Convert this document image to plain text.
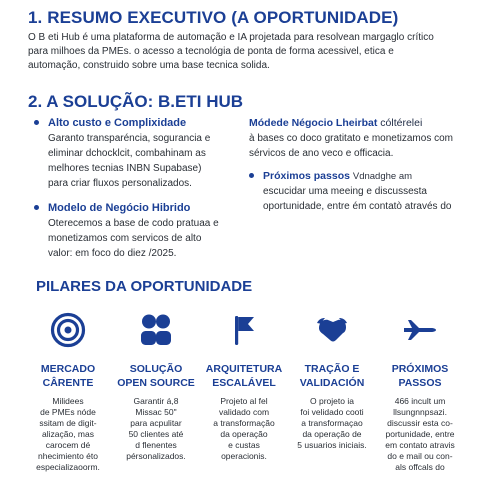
1. RESUMO EXECUTIVO (A OPORTUNIDADE)
O B eti Hub é uma plataforma de automação e IA projetada para resolvean margaglo crítico para milhoes da PMEs. o acesso a tecnológia de ponta de forma acessivel, etica e automação, construido sobre uma base tecnica solida.
2. A SOLUÇÃO: B.ETI HUB
Alto custo e Complixidade
Garanto transparéncia, sogurancia e eliminar dchocklcit, combahinam as melhores tecnias INBN Supabase) para criar fluxos personalizados.
Modelo de Negócio Hibrido
Oterecemos a base de codo pratuaa e monetizamos com servicos de alto valor: em foco do diez /2025.
Módede Négocio Lheirbat cóltérelei
à bases co doco gratitato e monetizamos com sérvicos de ano veco e officacia.
Próximos passos Vdnadghe am
escucidar uma meeing e discussesta oportunidade, entre ém contatò através do
PILARES DA OPORTUNIDADE
MERCADO
CÂRENTE
Milidees
de PMEs nóde
ssitam de digit-
alização, mas
carocem dé
nhecimiento éto
especializaoorm.
SOLUÇÃO
OPEN SOURCE
Garantir á,8
Missac 50"
para acpulitar
50 clientes até
d flenentes
pérsonalizados.
ARQUITETURA
ESCALÁVEL
Projeto al fel
validado com
a transformação
da operação
e custas
operacionis.
TRAÇÃO E
VALIDACIÓN
O projeto ia
foi velidado cooti
a transformaçao
da operação de
5 usuarios iniciais.
PRÓXIMOS
PASSOS
466 incult um
llsungnnpsazi.
discussir esta co-
portunidade, entre
em contato atravis
do e mail ou con-
als offcals do
